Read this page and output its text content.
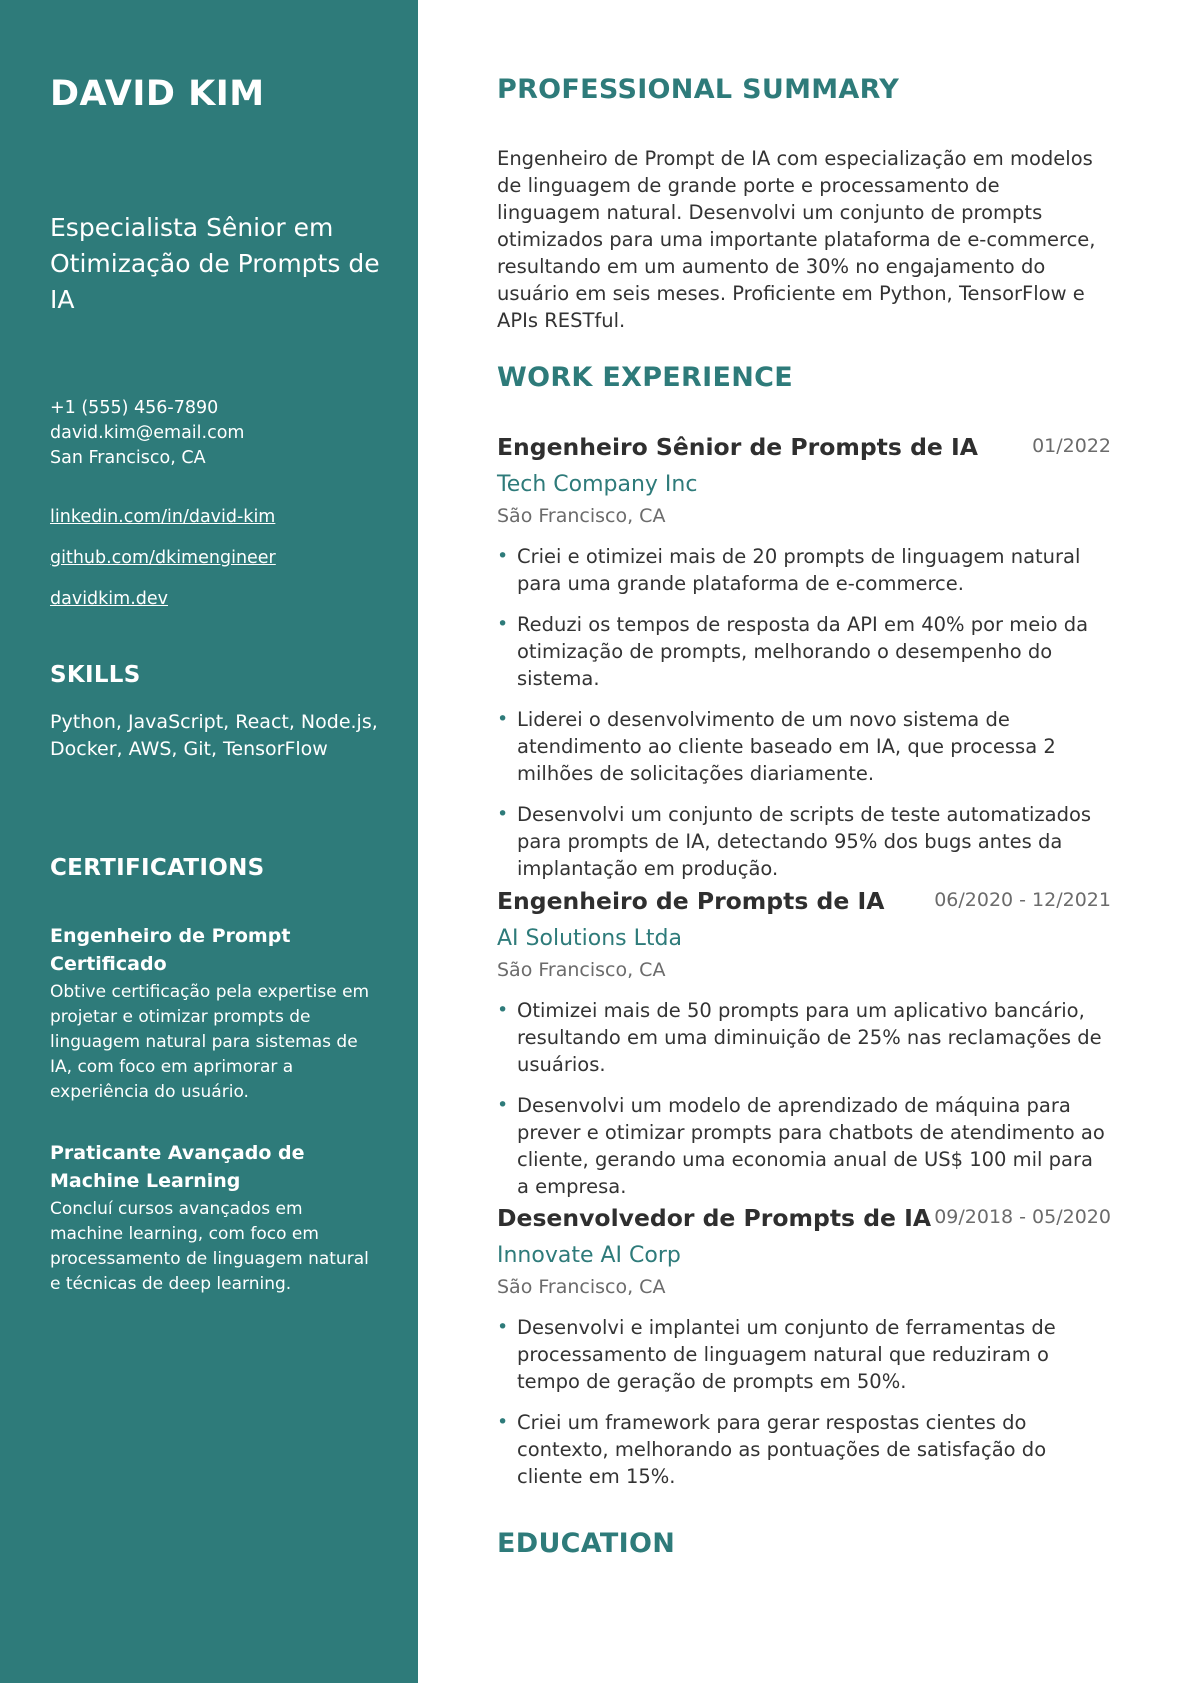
DAVID KIM
Especialista Sênior em Otimização de Prompts de IA
+1 (555) 456-7890
david.kim@email.com
San Francisco, CA
linkedin.com/in/david-kim
github.com/dkimengineer
davidkim.dev
SKILLS
Python, JavaScript, React, Node.js, Docker, AWS, Git, TensorFlow
CERTIFICATIONS
Engenheiro de Prompt Certificado
Obtive certificação pela expertise em projetar e otimizar prompts de linguagem natural para sistemas de IA, com foco em aprimorar a experiência do usuário.
Praticante Avançado de Machine Learning
Concluí cursos avançados em machine learning, com foco em processamento de linguagem natural e técnicas de deep learning.
PROFESSIONAL SUMMARY
Engenheiro de Prompt de IA com especialização em modelos de linguagem de grande porte e processamento de linguagem natural. Desenvolvi um conjunto de prompts otimizados para uma importante plataforma de e-commerce, resultando em um aumento de 30% no engajamento do usuário em seis meses. Proficiente em Python, TensorFlow e APIs RESTful.
WORK EXPERIENCE
Engenheiro Sênior de Prompts de IA	01/2022
Tech Company Inc
São Francisco, CA
• Criei e otimizei mais de 20 prompts de linguagem natural para uma grande plataforma de e-commerce.
• Reduzi os tempos de resposta da API em 40% por meio da otimização de prompts, melhorando o desempenho do sistema.
• Liderei o desenvolvimento de um novo sistema de atendimento ao cliente baseado em IA, que processa 2 milhões de solicitações diariamente.
• Desenvolvi um conjunto de scripts de teste automatizados para prompts de IA, detectando 95% dos bugs antes da implantação em produção.
Engenheiro de Prompts de IA	06/2020 - 12/2021
AI Solutions Ltda
São Francisco, CA
• Otimizei mais de 50 prompts para um aplicativo bancário, resultando em uma diminuição de 25% nas reclamações de usuários.
• Desenvolvi um modelo de aprendizado de máquina para prever e otimizar prompts para chatbots de atendimento ao cliente, gerando uma economia anual de US$ 100 mil para a empresa.
Desenvolvedor de Prompts de IA 09/2018 - 05/2020
Innovate AI Corp
São Francisco, CA
• Desenvolvi e implantei um conjunto de ferramentas de processamento de linguagem natural que reduziram o tempo de geração de prompts em 50%.
• Criei um framework para gerar respostas cientes do contexto, melhorando as pontuações de satisfação do cliente em 15%.
EDUCATION
